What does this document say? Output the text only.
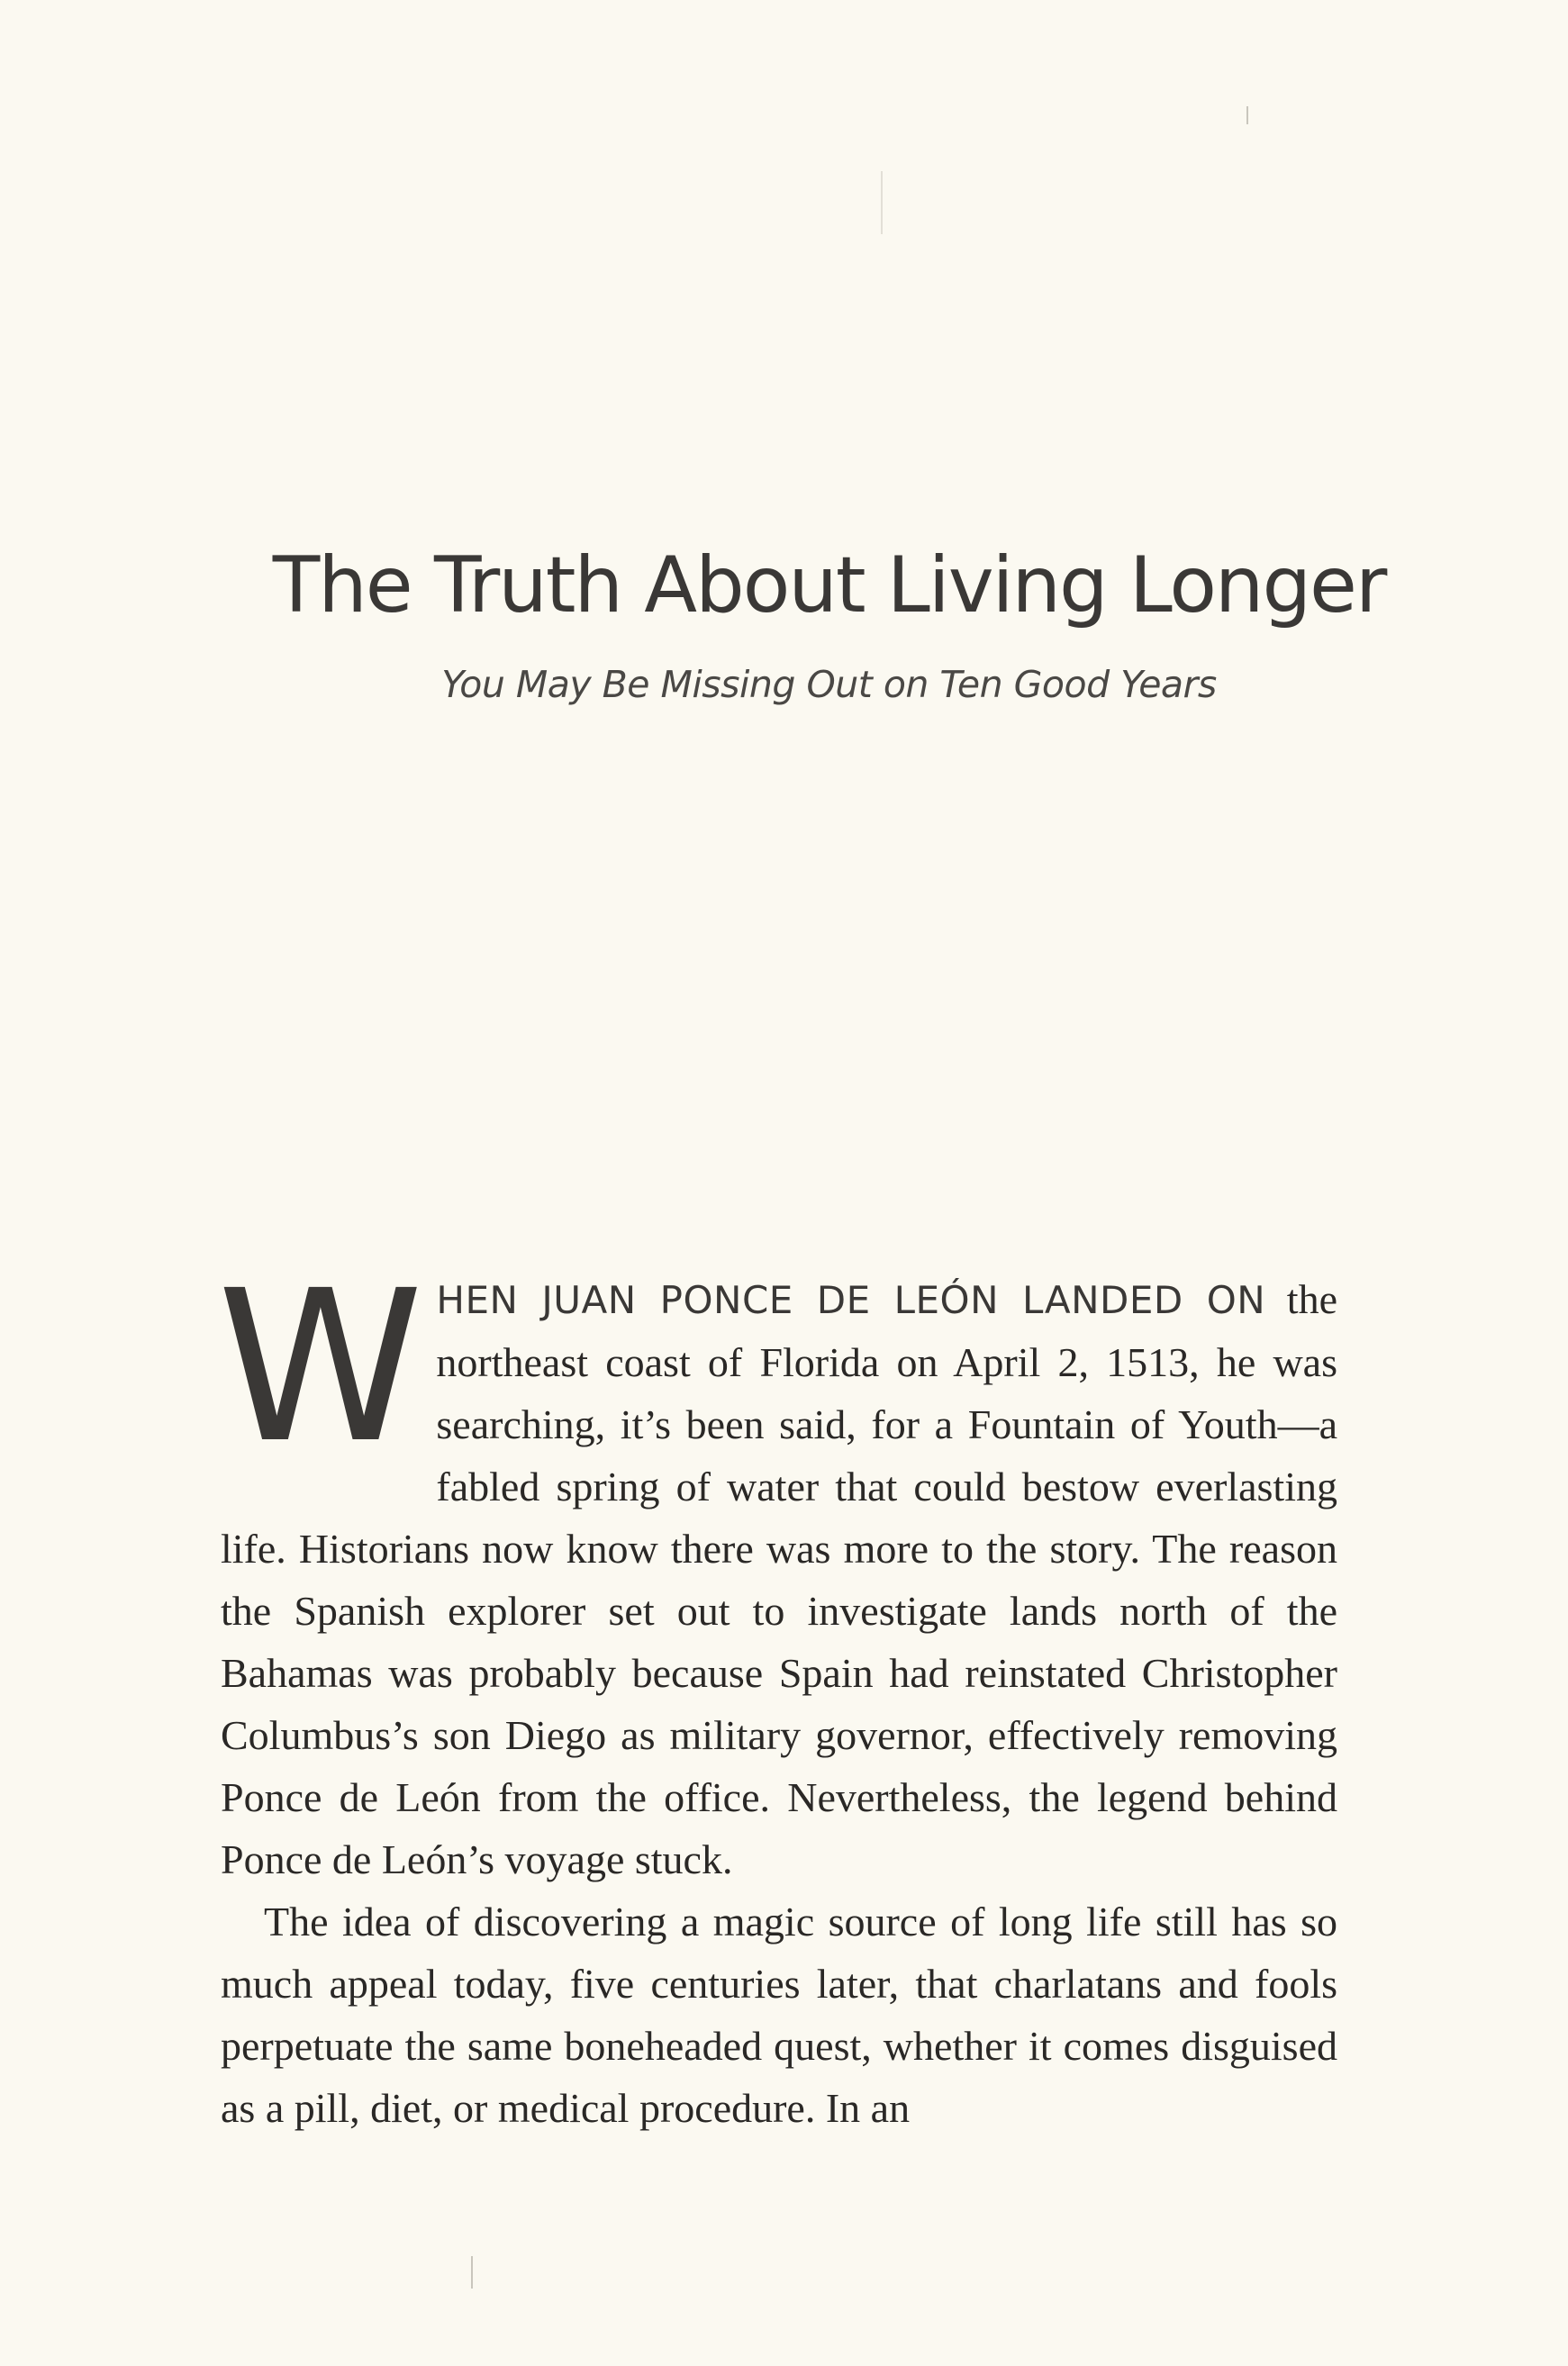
The Truth About Living Longer
You May Be Missing Out on Ten Good Years

WHEN JUAN PONCE DE LEÓN LANDED ON the northeast coast of Florida on April 2, 1513, he was searching, it’s been said, for a Fountain of Youth—a fabled spring of water that could bestow everlasting life. Historians now know there was more to the story. The reason the Spanish explorer set out to investigate lands north of the Bahamas was probably because Spain had reinstated Christopher Columbus’s son Diego as military governor, effectively removing Ponce de León from the office. Nevertheless, the legend behind Ponce de León’s voyage stuck.

The idea of discovering a magic source of long life still has so much appeal today, five centuries later, that charlatans and fools perpetuate the same boneheaded quest, whether it comes disguised as a pill, diet, or medical procedure. In an
